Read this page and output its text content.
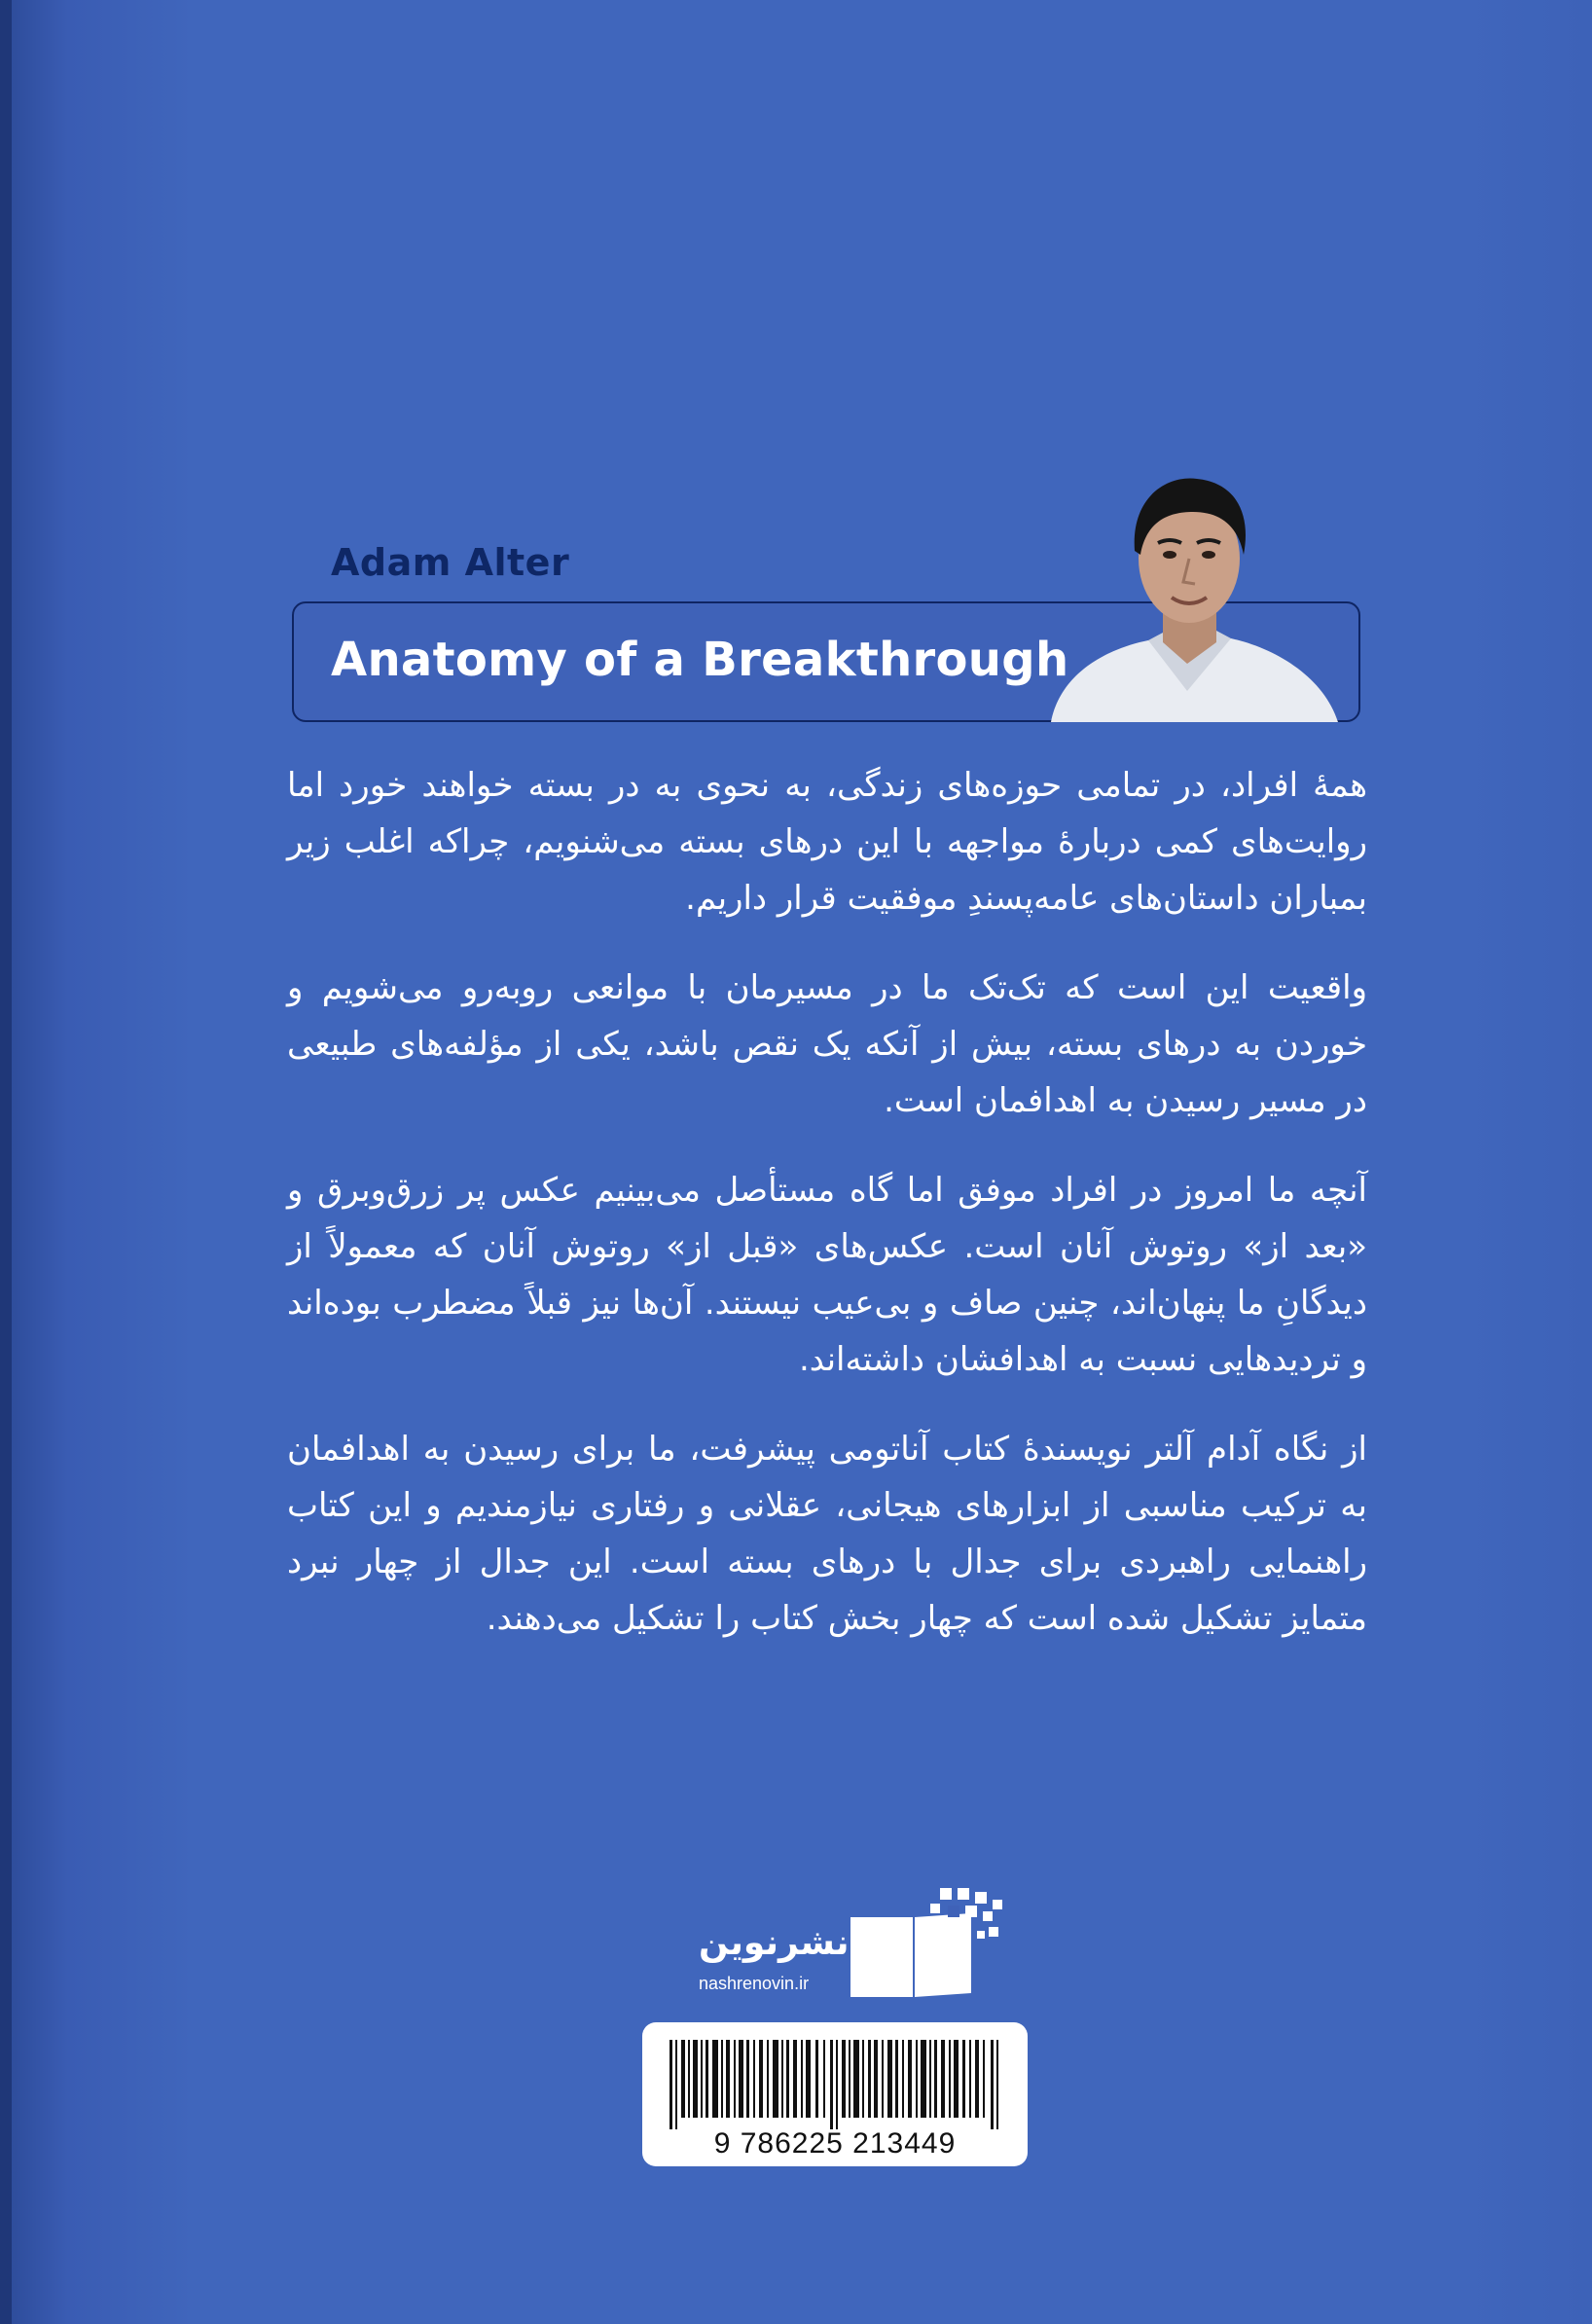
Adam Alter
Anatomy of a Breakthrough

همهٔ افراد، در تمامی حوزه‌های زندگی، به نحوی به در بسته خواهند خورد اما روایت‌های کمی دربارهٔ مواجهه با این درهای بسته می‌شنویم، چراکه اغلب زیر بمباران داستان‌های عامه‌پسندِ موفقیت قرار داریم.

واقعیت این است که تک‌تک ما در مسیرمان با موانعی روبه‌رو می‌شویم و خوردن به درهای بسته، بیش از آنکه یک نقص باشد، یکی از مؤلفه‌های طبیعی در مسیر رسیدن به اهدافمان است.

آنچه ما امروز در افراد موفق اما گاه مستأصل می‌بینیم عکس پر زرق‌وبرق و «بعد از» روتوش آنان است. عکس‌های «قبل از» روتوش آنان که معمولاً از دیدگانِ ما پنهان‌اند، چنین صاف و بی‌عیب نیستند. آن‌ها نیز قبلاً مضطرب بوده‌اند و تردیدهایی نسبت به اهدافشان داشته‌اند.

از نگاه آدام آلتر نویسندهٔ کتاب آناتومی پیشرفت، ما برای رسیدن به اهدافمان به ترکیب مناسبی از ابزارهای هیجانی، عقلانی و رفتاری نیازمندیم و این کتاب راهنمایی راهبردی برای جدال با درهای بسته است. این جدال از چهار نبرد متمایز تشکیل شده است که چهار بخش کتاب را تشکیل می‌دهند.

نشرنوین
nashrenovin.ir
9 786225 213449
